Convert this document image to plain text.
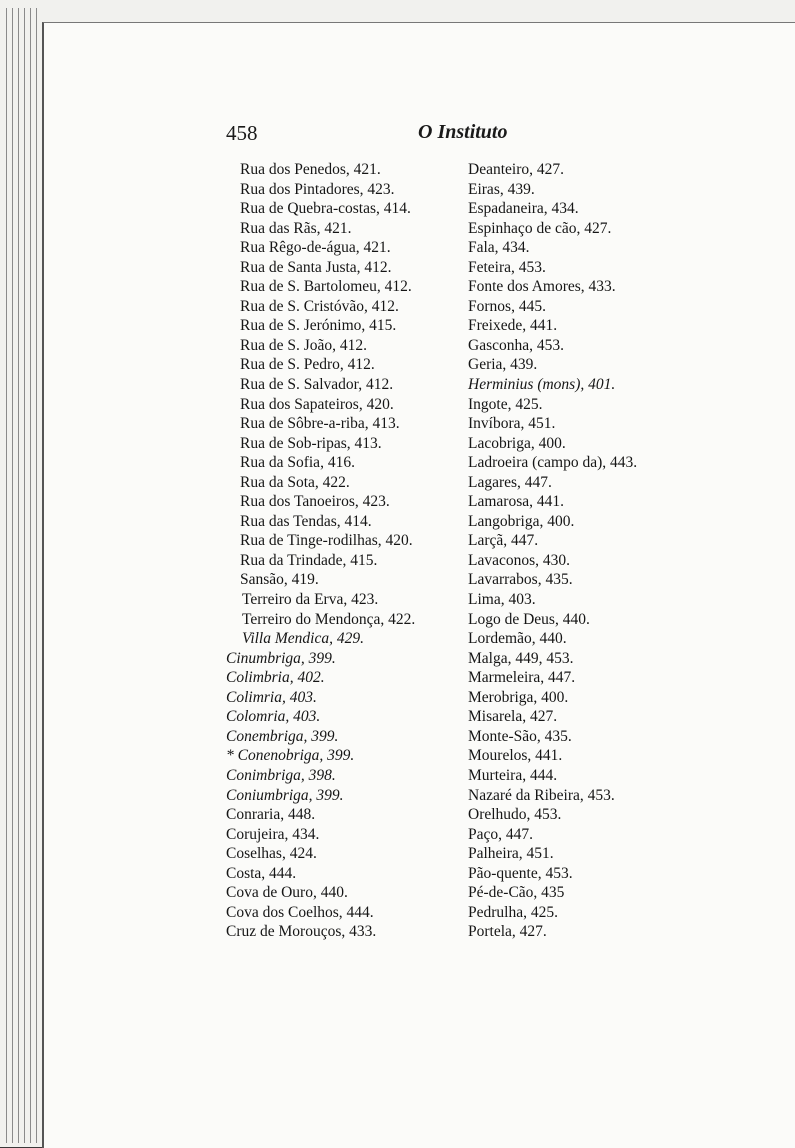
458	O Instituto
Rua dos Penedos, 421.
Rua dos Pintadores, 423.
Rua de Quebra-costas, 414.
Rua das Rãs, 421.
Rua Rêgo-de-água, 421.
Rua de Santa Justa, 412.
Rua de S. Bartolomeu, 412.
Rua de S. Cristóvão, 412.
Rua de S. Jerónimo, 415.
Rua de S. João, 412.
Rua de S. Pedro, 412.
Rua de S. Salvador, 412.
Rua dos Sapateiros, 420.
Rua de Sôbre-a-riba, 413.
Rua de Sob-ripas, 413.
Rua da Sofia, 416.
Rua da Sota, 422.
Rua dos Tanoeiros, 423.
Rua das Tendas, 414.
Rua de Tinge-rodilhas, 420.
Rua da Trindade, 415.
Sansão, 419.
Terreiro da Erva, 423.
Terreiro do Mendonça, 422.
Villa Mendica, 429.
Cinumbriga, 399.
Colimbria, 402.
Colimria, 403.
Colomria, 403.
Conembriga, 399.
* Conenobriga, 399.
Conimbriga, 398.
Coniumbriga, 399.
Conraria, 448.
Corujeira, 434.
Coselhas, 424.
Costa, 444.
Cova de Ouro, 440.
Cova dos Coelhos, 444.
Cruz de Morouços, 433.
Deanteiro, 427.
Eiras, 439.
Espadaneira, 434.
Espinhaço de cão, 427.
Fala, 434.
Feteira, 453.
Fonte dos Amores, 433.
Fornos, 445.
Freixede, 441.
Gasconha, 453.
Geria, 439.
Herminius (mons), 401.
Ingote, 425.
Invíbora, 451.
Lacobriga, 400.
Ladroeira (campo da), 443.
Lagares, 447.
Lamarosa, 441.
Langobriga, 400.
Larçã, 447.
Lavaconos, 430.
Lavarrabos, 435.
Lima, 403.
Logo de Deus, 440.
Lordemão, 440.
Malga, 449, 453.
Marmeleira, 447.
Merobriga, 400.
Misarela, 427.
Monte-São, 435.
Mourelos, 441.
Murteira, 444.
Nazaré da Ribeira, 453.
Orelhudo, 453.
Paço, 447.
Palheira, 451.
Pão-quente, 453.
Pé-de-Cão, 435
Pedrulha, 425.
Portela, 427.
